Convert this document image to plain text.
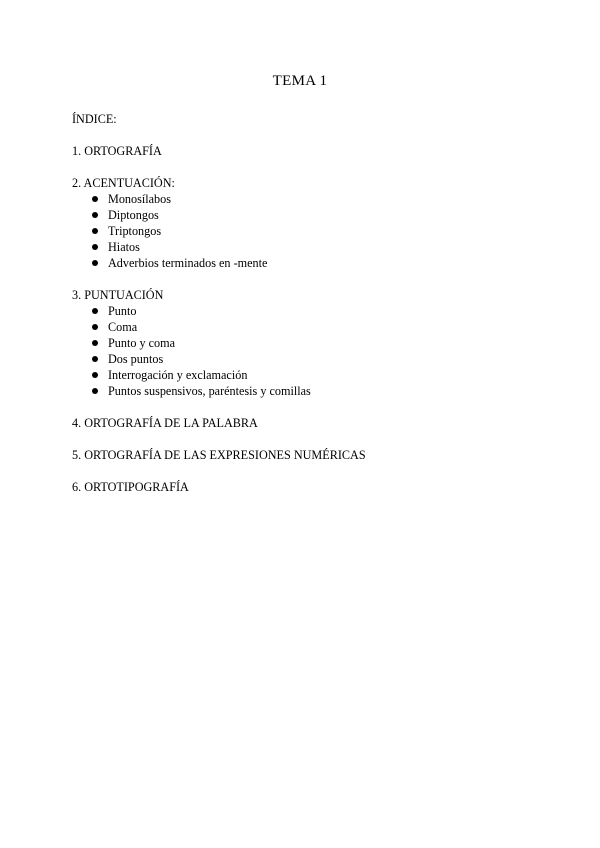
TEMA 1
ÍNDICE:
1. ORTOGRAFÍA
2. ACENTUACIÓN:
Monosílabos
Diptongos
Triptongos
Hiatos
Adverbios terminados en -mente
3. PUNTUACIÓN
Punto
Coma
Punto y coma
Dos puntos
Interrogación y exclamación
Puntos suspensivos, paréntesis y comillas
4. ORTOGRAFÍA DE LA PALABRA
5. ORTOGRAFÍA DE LAS EXPRESIONES NUMÉRICAS
6. ORTOTIPOGRAFÍA
